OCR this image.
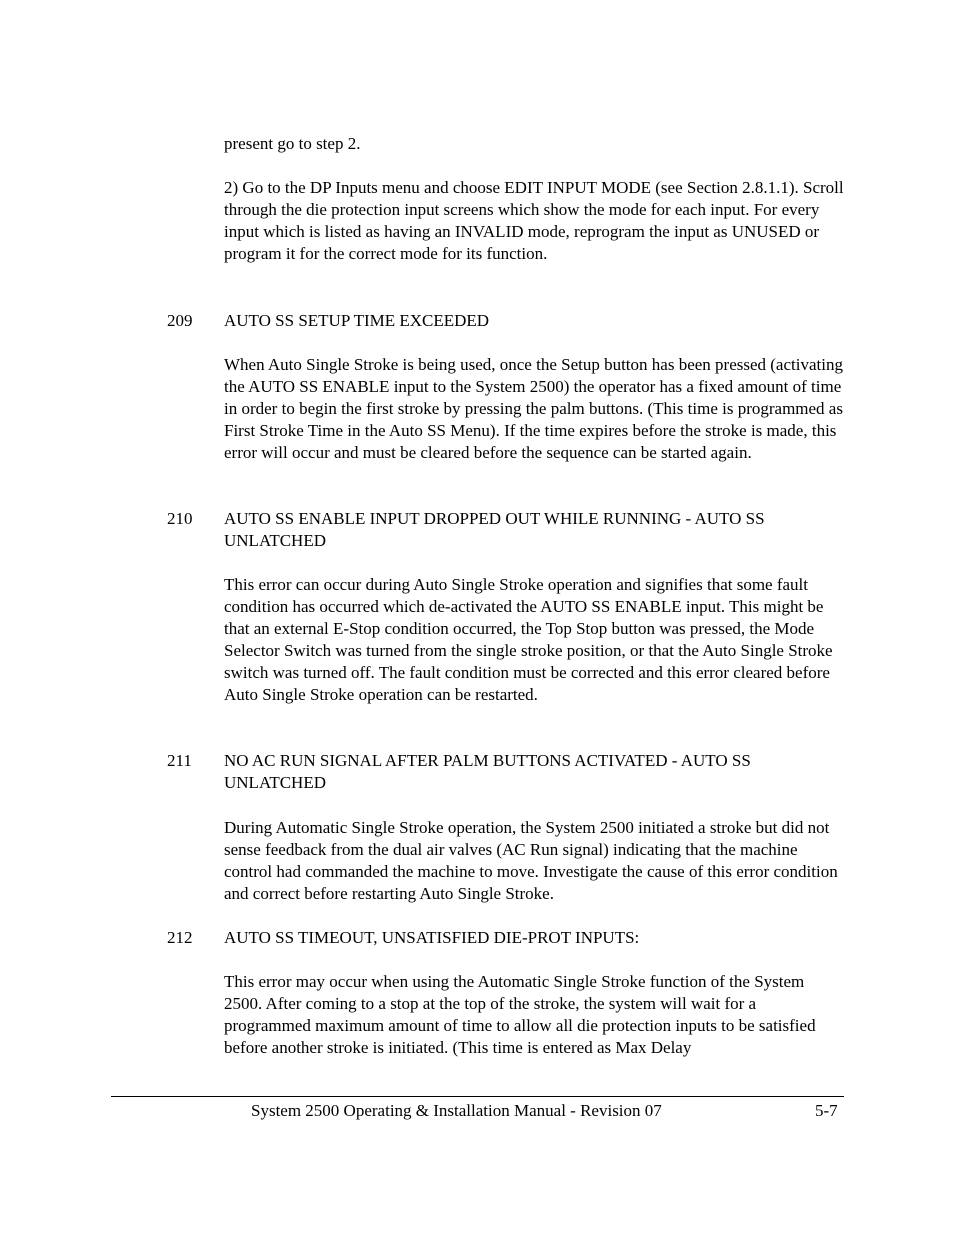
present go to step 2.

2) Go to the DP Inputs menu and choose EDIT INPUT MODE (see Section 2.8.1.1). Scroll through the die protection input screens which show the mode for each input. For every input which is listed as having an INVALID mode, reprogram the input as UNUSED or program it for the correct mode for its function.

209 AUTO SS SETUP TIME EXCEEDED

When Auto Single Stroke is being used, once the Setup button has been pressed (activating the AUTO SS ENABLE input to the System 2500) the operator has a fixed amount of time in order to begin the first stroke by pressing the palm buttons. (This time is programmed as First Stroke Time in the Auto SS Menu). If the time expires before the stroke is made, this error will occur and must be cleared before the sequence can be started again.

210 AUTO SS ENABLE INPUT DROPPED OUT WHILE RUNNING - AUTO SS UNLATCHED

This error can occur during Auto Single Stroke operation and signifies that some fault condition has occurred which de-activated the AUTO SS ENABLE input. This might be that an external E-Stop condition occurred, the Top Stop button was pressed, the Mode Selector Switch was turned from the single stroke position, or that the Auto Single Stroke switch was turned off. The fault condition must be corrected and this error cleared before Auto Single Stroke operation can be restarted.

211 NO AC RUN SIGNAL AFTER PALM BUTTONS ACTIVATED - AUTO SS UNLATCHED

During Automatic Single Stroke operation, the System 2500 initiated a stroke but did not sense feedback from the dual air valves (AC Run signal) indicating that the machine control had commanded the machine to move. Investigate the cause of this error condition and correct before restarting Auto Single Stroke.

212 AUTO SS TIMEOUT, UNSATISFIED DIE-PROT INPUTS:

This error may occur when using the Automatic Single Stroke function of the System 2500. After coming to a stop at the top of the stroke, the system will wait for a programmed maximum amount of time to allow all die protection inputs to be satisfied before another stroke is initiated. (This time is entered as Max Delay

System 2500 Operating & Installation Manual - Revision 07	5-7
